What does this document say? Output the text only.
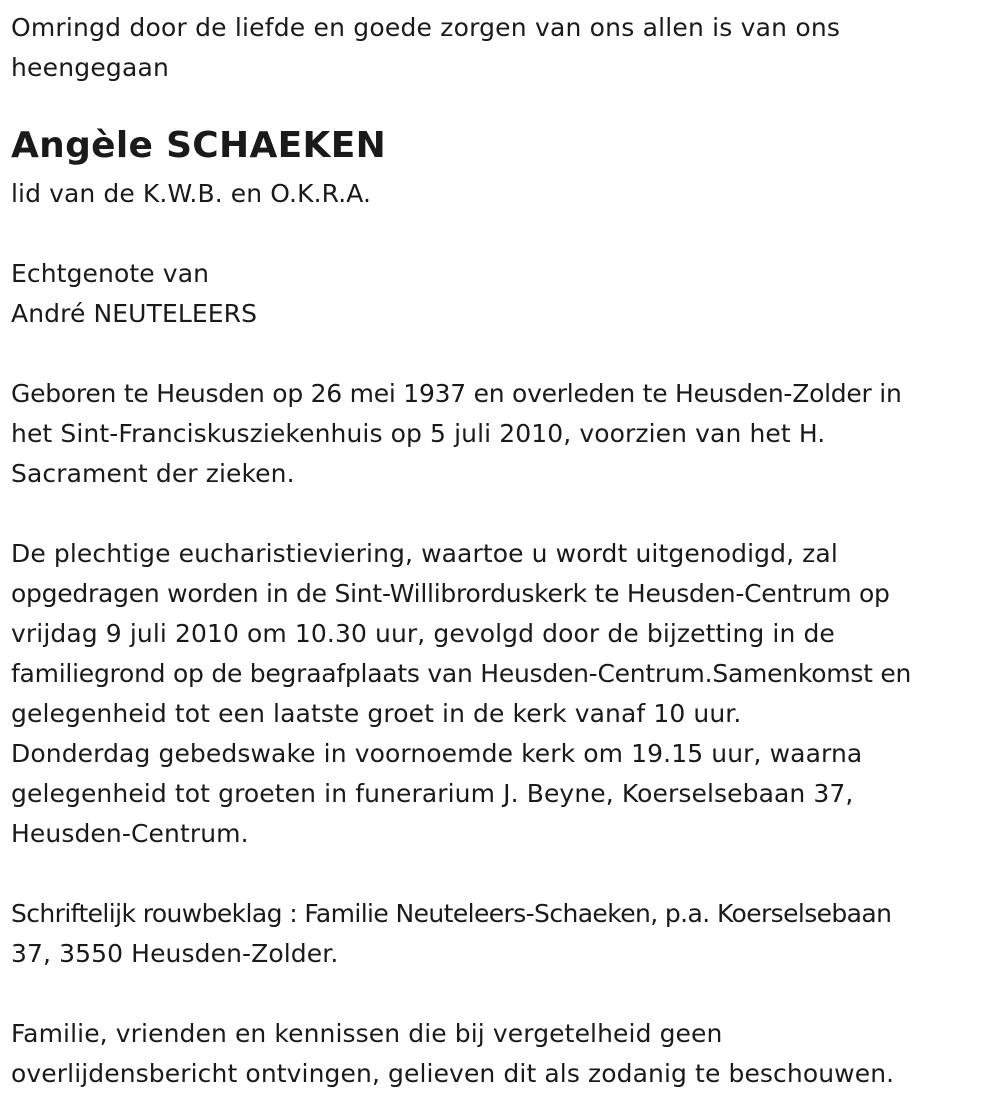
Omringd door de liefde en goede zorgen van ons allen is van ons heengegaan
Angèle SCHAEKEN
lid van de K.W.B. en O.K.R.A.
Echtgenote van
André NEUTELEERS
Geboren te Heusden op 26 mei 1937 en overleden te Heusden-Zolder in
het Sint-Franciskusziekenhuis op 5 juli 2010, voorzien van het H.
Sacrament der zieken.
De plechtige eucharistieviering, waartoe u wordt uitgenodigd, zal
opgedragen worden in de Sint-Willibrorduskerk te Heusden-Centrum op
vrijdag 9 juli 2010 om 10.30 uur, gevolgd door de bijzetting in de
familiegrond op de begraafplaats van Heusden-Centrum.Samenkomst en
gelegenheid tot een laatste groet in de kerk vanaf 10 uur.
Donderdag gebedswake in voornoemde kerk om 19.15 uur, waarna
gelegenheid tot groeten in funerarium J. Beyne, Koerselsebaan 37,
Heusden-Centrum.
Schriftelijk rouwbeklag : Familie Neuteleers-Schaeken, p.a. Koerselsebaan
37, 3550 Heusden-Zolder.
Familie, vrienden en kennissen die bij vergetelheid geen
overlijdensbericht ontvingen, gelieven dit als zodanig te beschouwen.
